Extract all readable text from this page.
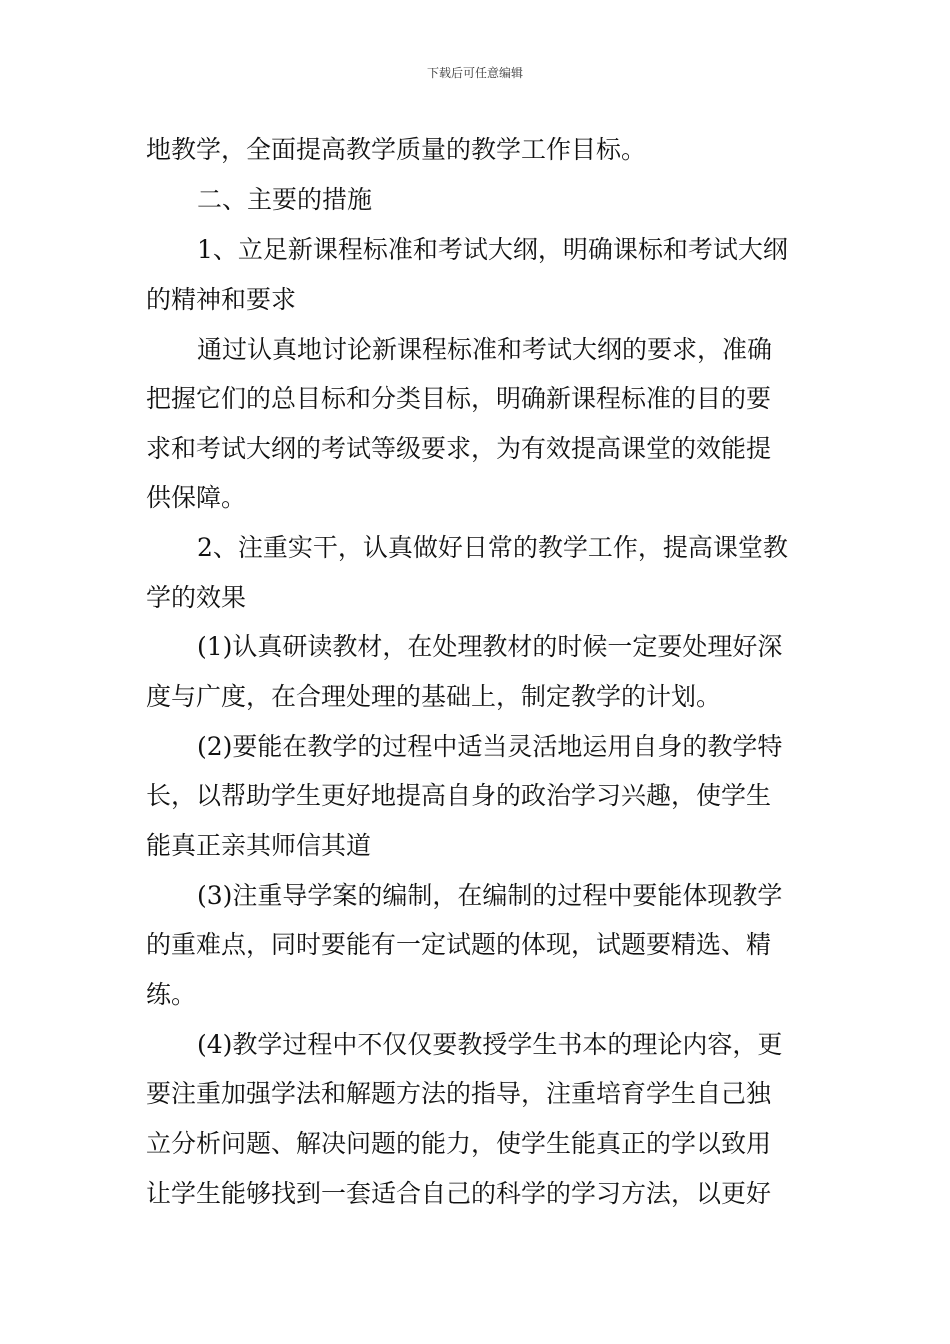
下载后可任意编辑
地教学，全面提高教学质量的教学工作目标。
二、主要的措施
1、立足新课程标准和考试大纲，明确课标和考试大纲
的精神和要求
通过认真地讨论新课程标准和考试大纲的要求，准确
把握它们的总目标和分类目标，明确新课程标准的目的要
求和考试大纲的考试等级要求，为有效提高课堂的效能提
供保障。
2、注重实干，认真做好日常的教学工作，提高课堂教
学的效果
(1)认真研读教材，在处理教材的时候一定要处理好深
度与广度，在合理处理的基础上，制定教学的计划。
(2)要能在教学的过程中适当灵活地运用自身的教学特
长，以帮助学生更好地提高自身的政治学习兴趣，使学生
能真正亲其师信其道
(3)注重导学案的编制，在编制的过程中要能体现教学
的重难点，同时要能有一定试题的体现，试题要精选、精
练。
(4)教学过程中不仅仅要教授学生书本的理论内容，更
要注重加强学法和解题方法的指导，注重培育学生自己独
立分析问题、解决问题的能力，使学生能真正的学以致用
让学生能够找到一套适合自己的科学的学习方法，以更好
